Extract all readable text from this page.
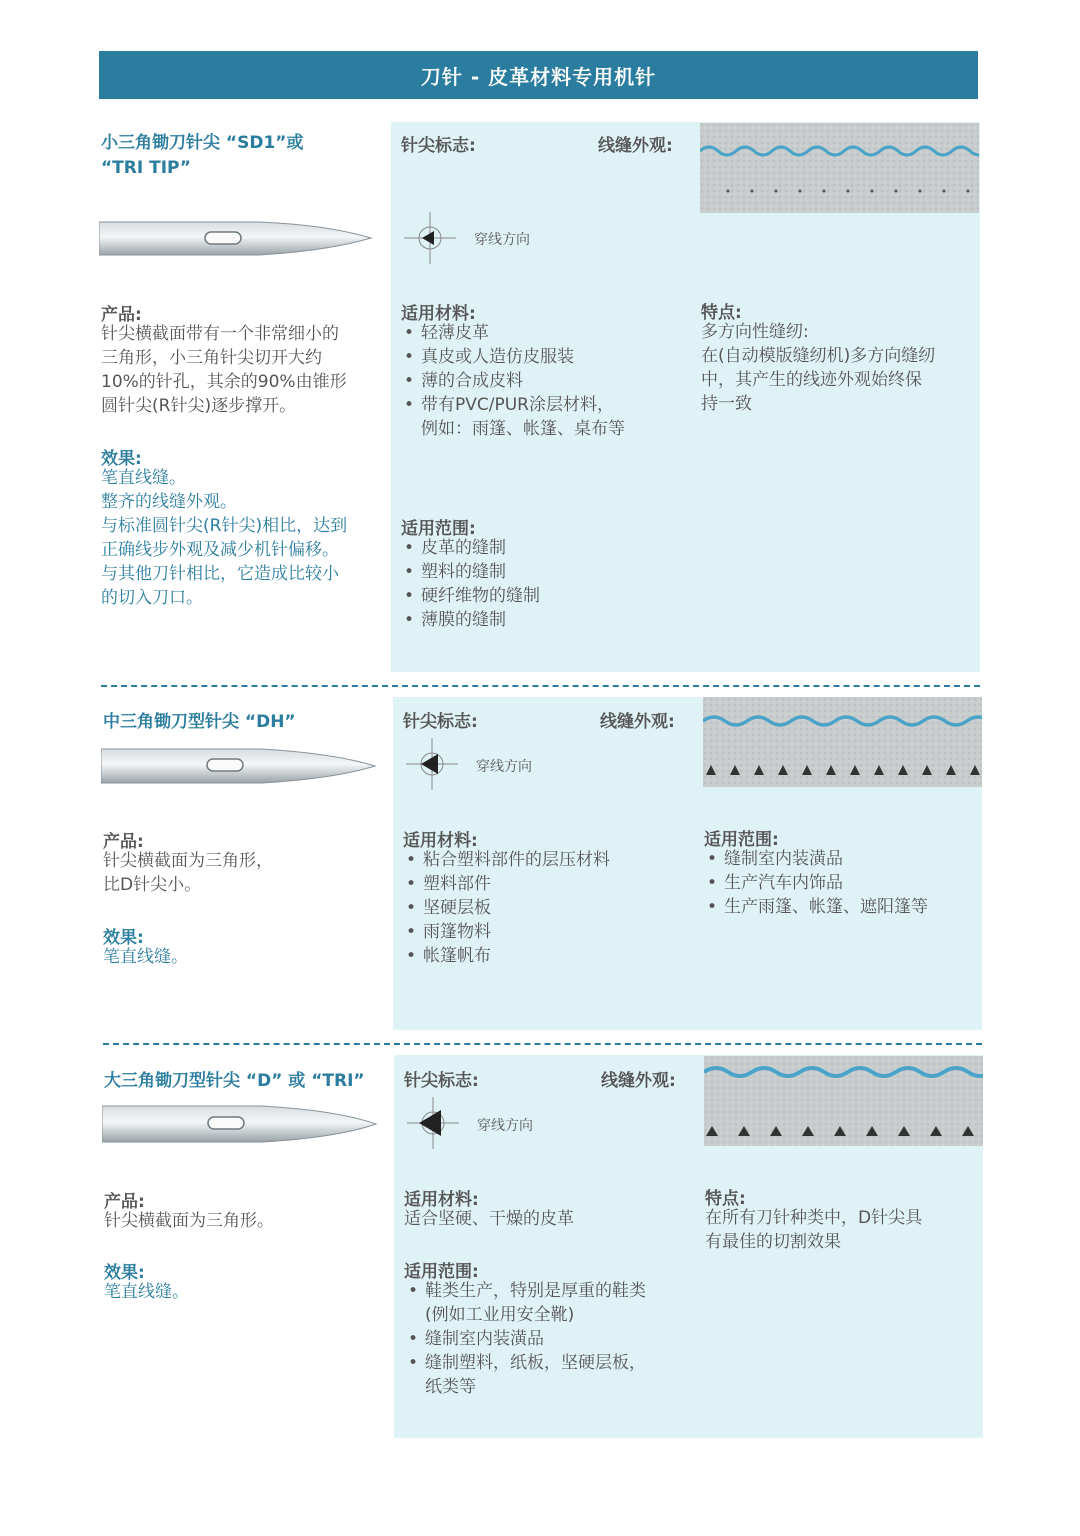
刀针 - 皮革材料专用机针
小三角锄刀针尖 “SD1”或
“TRI TIP”
针尖标志:	线缝外观:
穿线方向
产品:
针尖横截面带有一个非常细小的
三角形，小三角针尖切开大约
10%的针孔，其余的90%由锥形
圆针尖(R针尖)逐步撑开。
效果:
笔直线缝。
整齐的线缝外观。
与标准圆针尖(R针尖)相比，达到
正确线步外观及减少机针偏移。
与其他刀针相比，它造成比较小
的切入刀口。
适用材料:
• 轻薄皮革
• 真皮或人造仿皮服装
• 薄的合成皮料
• 带有PVC/PUR涂层材料，
例如：雨篷、帐篷、桌布等
特点:
多方向性缝纫:
在(自动模版缝纫机)多方向缝纫
中，其产生的线迹外观始终保
持一致
适用范围:
• 皮革的缝制
• 塑料的缝制
• 硬纤维物的缝制
• 薄膜的缝制
中三角锄刀型针尖 “DH”	针尖标志:	线缝外观:
穿线方向
产品:
针尖横截面为三角形，
比D针尖小。
效果:
笔直线缝。
适用材料:
• 粘合塑料部件的层压材料
• 塑料部件
• 坚硬层板
• 雨篷物料
• 帐篷帆布
适用范围:
• 缝制室内装潢品
• 生产汽车内饰品
• 生产雨篷、帐篷、遮阳篷等
大三角锄刀型针尖 “D” 或 “TRI” 针尖标志:	线缝外观:
穿线方向
产品:
针尖横截面为三角形。
效果:
笔直线缝。
适用材料:
适合坚硬、干燥的皮革
适用范围:
• 鞋类生产，特别是厚重的鞋类
(例如工业用安全靴)
• 缝制室内装潢品
• 缝制塑料，纸板，坚硬层板，
纸类等
特点:
在所有刀针种类中，D针尖具
有最佳的切割效果
